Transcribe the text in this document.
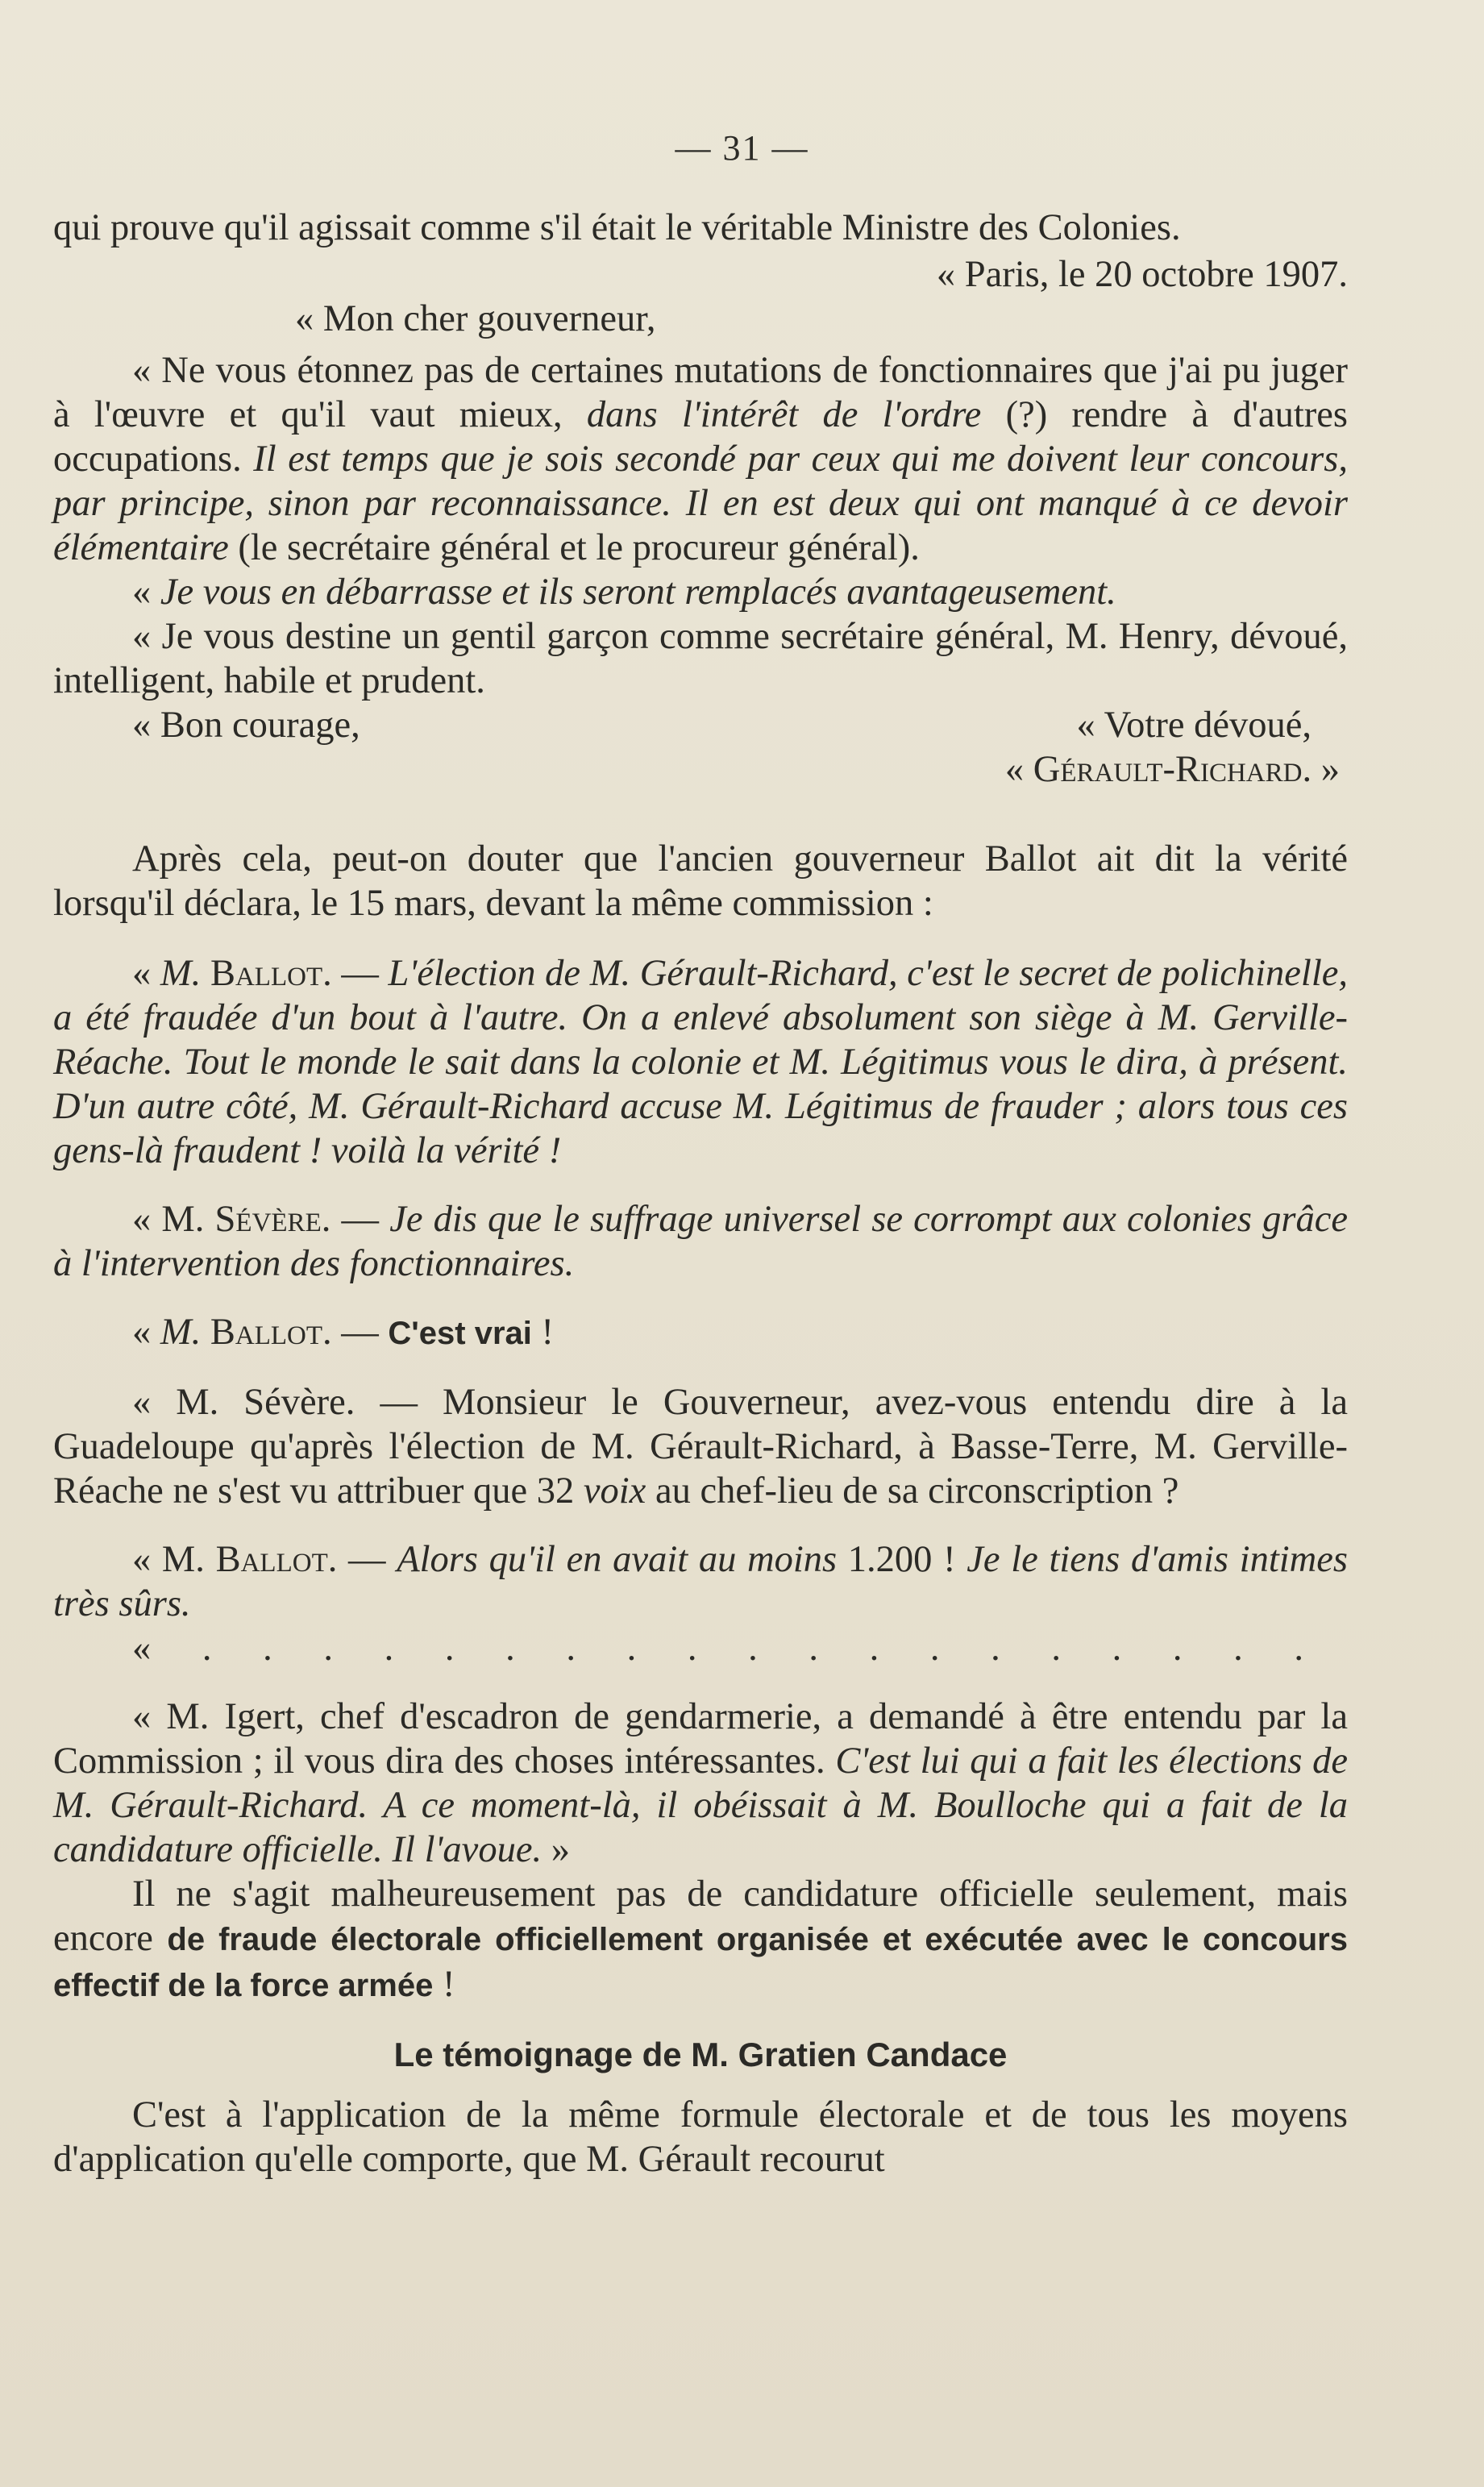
— 31 —

qui prouve qu'il agissait comme s'il était le véritable Ministre des Colonies.

« Paris, le 20 octobre 1907.

« Mon cher gouverneur,

« Ne vous étonnez pas de certaines mutations de fonctionnaires que j'ai pu juger à l'œuvre et qu'il vaut mieux, dans l'intérêt de l'ordre (?) rendre à d'autres occupations. Il est temps que je sois secondé par ceux qui me doivent leur concours, par principe, sinon par reconnaissance. Il en est deux qui ont manqué à ce devoir élémentaire (le secrétaire général et le procureur général).

« Je vous en débarrasse et ils seront remplacés avantageusement.

« Je vous destine un gentil garçon comme secrétaire général, M. Henry, dévoué, intelligent, habile et prudent.

« Bon courage,	« Votre dévoué,

« Gérault-Richard. »

Après cela, peut-on douter que l'ancien gouverneur Ballot ait dit la vérité lorsqu'il déclara, le 15 mars, devant la même commission :

« M. Ballot. — L'élection de M. Gérault-Richard, c'est le secret de polichinelle, a été fraudée d'un bout à l'autre. On a enlevé absolument son siège à M. Gerville-Réache. Tout le monde le sait dans la colonie et M. Légitimus vous le dira, à présent. D'un autre côté, M. Gérault-Richard accuse M. Légitimus de frauder ; alors tous ces gens-là fraudent ! voilà la vérité !

« M. Sévère. — Je dis que le suffrage universel se corrompt aux colonies grâce à l'intervention des fonctionnaires.

« M. Ballot. — C'est vrai !

« M. Sévère. — Monsieur le Gouverneur, avez-vous entendu dire à la Guadeloupe qu'après l'élection de M. Gérault-Richard, à Basse-Terre, M. Gerville-Réache ne s'est vu attribuer que 32 voix au chef-lieu de sa circonscription ?

« M. Ballot. — Alors qu'il en avait au moins 1.200 ! Je le tiens d'amis intimes très sûrs.

« . . . . . . . . . . . . . . . . . . .

« M. Igert, chef d'escadron de gendarmerie, a demandé à être entendu par la Commission ; il vous dira des choses intéressantes. C'est lui qui a fait les élections de M. Gérault-Richard. A ce moment-là, il obéissait à M. Boulloche qui a fait de la candidature officielle. Il l'avoue. »

Il ne s'agit malheureusement pas de candidature officielle seulement, mais encore de fraude électorale officiellement organisée et exécutée avec le concours effectif de la force armée !

Le témoignage de M. Gratien Candace

C'est à l'application de la même formule électorale et de tous les moyens d'application qu'elle comporte, que M. Gérault recourut
